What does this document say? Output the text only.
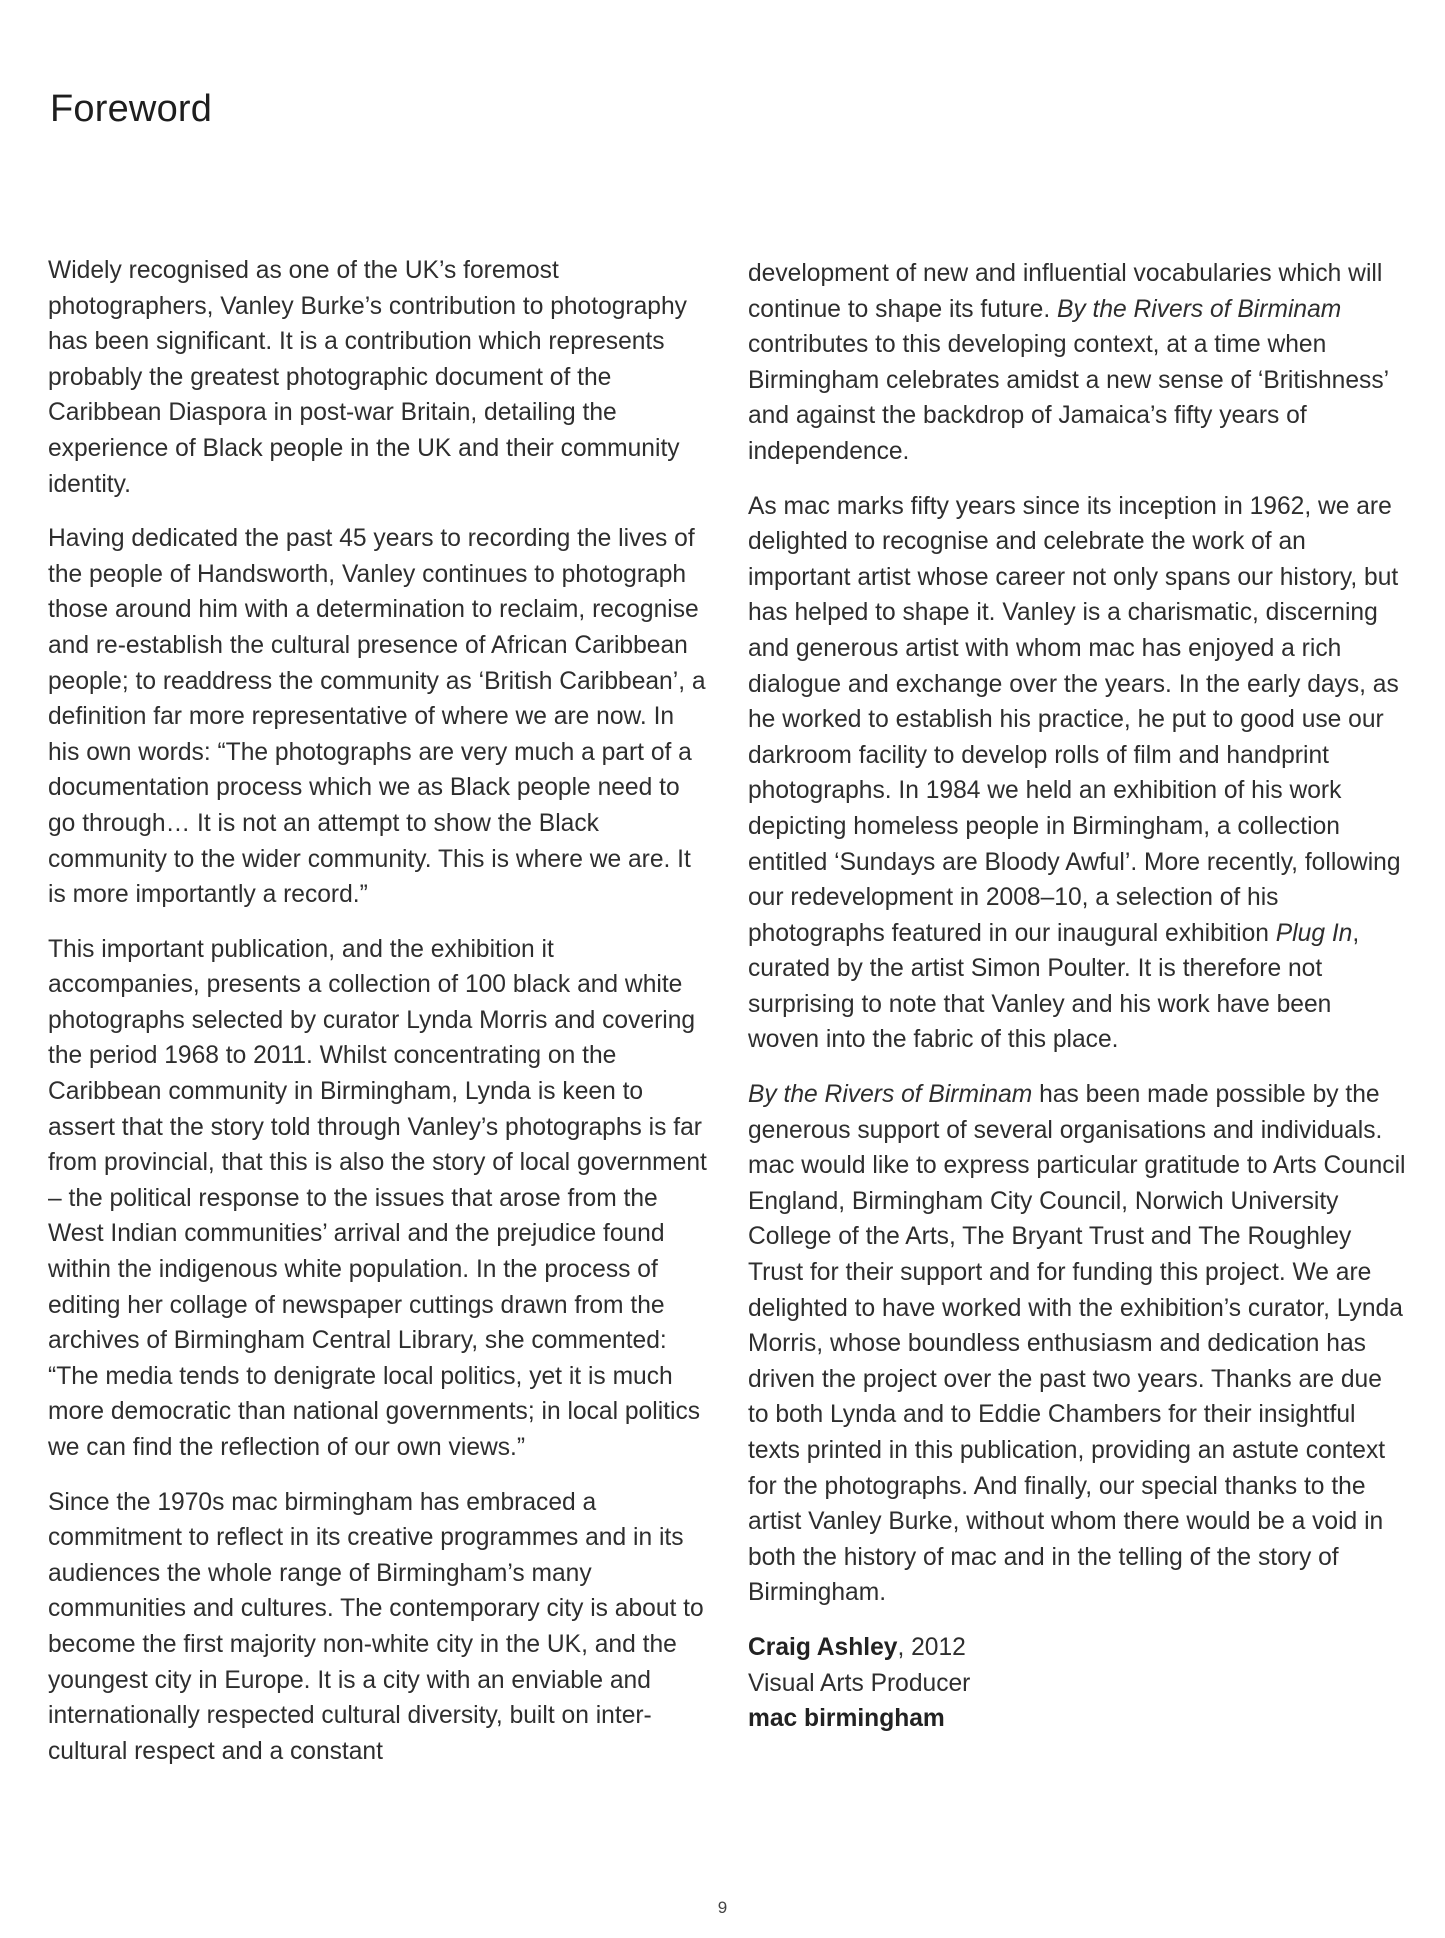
Foreword

Widely recognised as one of the UK’s foremost photographers, Vanley Burke’s contribution to photography has been significant. It is a contribution which represents probably the greatest photographic document of the Caribbean Diaspora in post-war Britain, detailing the experience of Black people in the UK and their community identity.

Having dedicated the past 45 years to recording the lives of the people of Handsworth, Vanley continues to photograph those around him with a determination to reclaim, recognise and re-establish the cultural presence of African Caribbean people; to readdress the community as ‘British Caribbean’, a definition far more representative of where we are now. In his own words: “The photographs are very much a part of a documentation process which we as Black people need to go through… It is not an attempt to show the Black community to the wider community. This is where we are. It is more importantly a record.”

This important publication, and the exhibition it accompanies, presents a collection of 100 black and white photographs selected by curator Lynda Morris and covering the period 1968 to 2011. Whilst concentrating on the Caribbean community in Birmingham, Lynda is keen to assert that the story told through Vanley’s photographs is far from provincial, that this is also the story of local government – the political response to the issues that arose from the West Indian communities’ arrival and the prejudice found within the indigenous white population. In the process of editing her collage of newspaper cuttings drawn from the archives of Birmingham Central Library, she commented: “The media tends to denigrate local politics, yet it is much more democratic than national governments; in local politics we can find the reflection of our own views.”

Since the 1970s mac birmingham has embraced a commitment to reflect in its creative programmes and in its audiences the whole range of Birmingham’s many communities and cultures. The contemporary city is about to become the first majority non-white city in the UK, and the youngest city in Europe. It is a city with an enviable and internationally respected cultural diversity, built on inter-cultural respect and a constant

development of new and influential vocabularies which will continue to shape its future. By the Rivers of Birminam contributes to this developing context, at a time when Birmingham celebrates amidst a new sense of ‘Britishness’ and against the backdrop of Jamaica’s fifty years of independence.

As mac marks fifty years since its inception in 1962, we are delighted to recognise and celebrate the work of an important artist whose career not only spans our history, but has helped to shape it. Vanley is a charismatic, discerning and generous artist with whom mac has enjoyed a rich dialogue and exchange over the years. In the early days, as he worked to establish his practice, he put to good use our darkroom facility to develop rolls of film and handprint photographs. In 1984 we held an exhibition of his work depicting homeless people in Birmingham, a collection entitled ‘Sundays are Bloody Awful’. More recently, following our redevelopment in 2008–10, a selection of his photographs featured in our inaugural exhibition Plug In, curated by the artist Simon Poulter. It is therefore not surprising to note that Vanley and his work have been woven into the fabric of this place.

By the Rivers of Birminam has been made possible by the generous support of several organisations and individuals. mac would like to express particular gratitude to Arts Council England, Birmingham City Council, Norwich University College of the Arts, The Bryant Trust and The Roughley Trust for their support and for funding this project. We are delighted to have worked with the exhibition’s curator, Lynda Morris, whose boundless enthusiasm and dedication has driven the project over the past two years. Thanks are due to both Lynda and to Eddie Chambers for their insightful texts printed in this publication, providing an astute context for the photographs. And finally, our special thanks to the artist Vanley Burke, without whom there would be a void in both the history of mac and in the telling of the story of Birmingham.

Craig Ashley, 2012

Visual Arts Producer

mac birmingham

9
